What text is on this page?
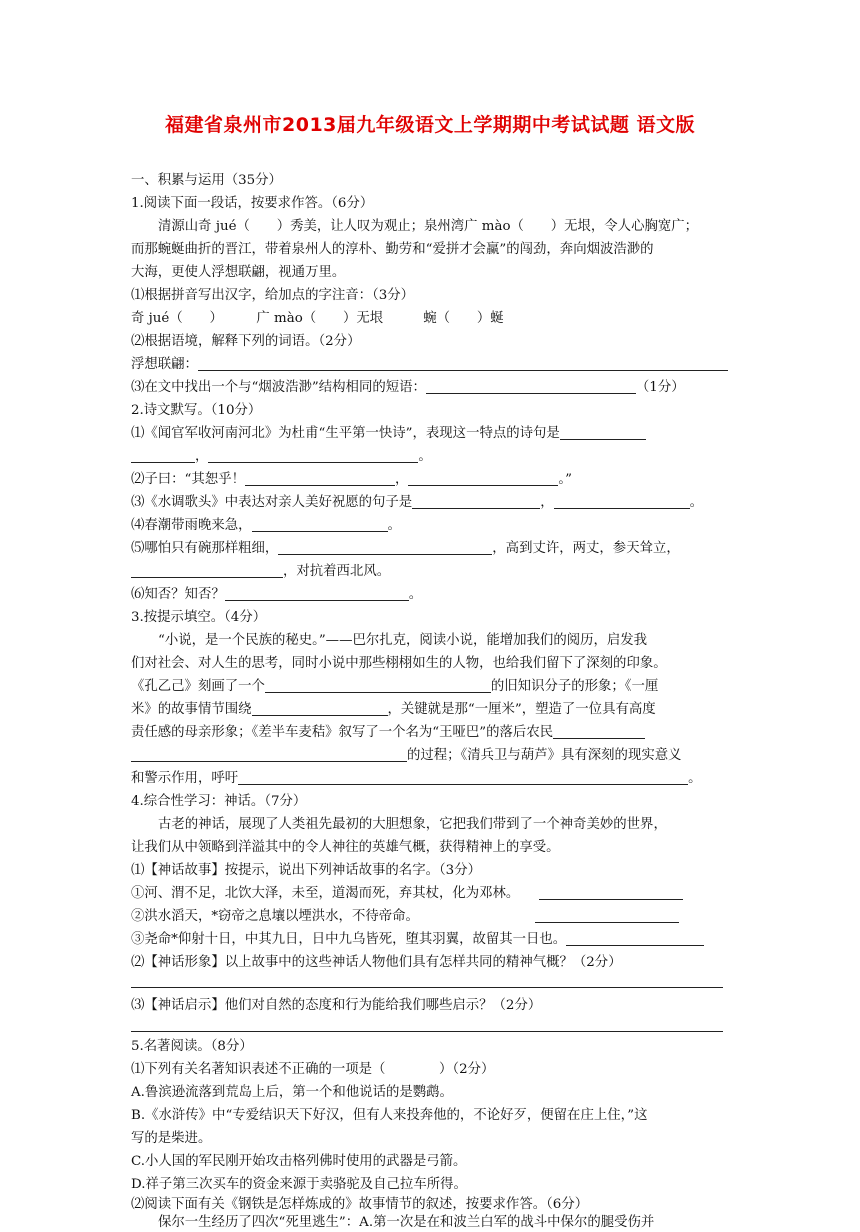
福建省泉州市2013届九年级语文上学期期中考试试题 语文版
一、积累与运用（35分）
1.阅读下面一段话，按要求作答。（6分）
清源山奇 jué（　　）秀美，让人叹为观止；泉州湾广 mào（　　）无垠，令人心胸宽广；
而那蜿蜒曲折的晋江，带着泉州人的淳朴、勤劳和“爱拼才会赢”的闯劲，奔向烟波浩渺的
大海，更使人浮想联翩，视通万里。
⑴根据拼音写出汉字，给加点的字注音：（3分）
奇 jué（　　）　　　广 mào（　　）无垠　　　蜿（　　）蜒
⑵根据语境，解释下列的词语。（2分）
浮想联翩：
⑶在文中找出一个与“烟波浩渺”结构相同的短语：	（1分）
2.诗文默写。（10分）
⑴《闻官军收河南河北》为杜甫“生平第一快诗”，表现这一特点的诗句是
，	。
⑵子曰：“其恕乎！	，	。”
⑶《水调歌头》中表达对亲人美好祝愿的句子是	，	。
⑷春潮带雨晚来急，	。
⑸哪怕只有碗那样粗细，	，高到丈许，两丈，参天耸立，
，对抗着西北风。
⑹知否？知否？	。
3.按提示填空。（4分）
“小说，是一个民族的秘史。”——巴尔扎克，阅读小说，能增加我们的阅历，启发我
们对社会、对人生的思考，同时小说中那些栩栩如生的人物，也给我们留下了深刻的印象。
《孔乙己》刻画了一个	的旧知识分子的形象；《一厘
米》的故事情节围绕	，关键就是那“一厘米”，塑造了一位具有高度
责任感的母亲形象；《差半车麦秸》叙写了一个名为“王哑巴”的落后农民
的过程；《清兵卫与葫芦》具有深刻的现实意义
和警示作用，呼吁	。
4.综合性学习：神话。（7分）
古老的神话，展现了人类祖先最初的大胆想象，它把我们带到了一个神奇美妙的世界，
让我们从中领略到洋溢其中的令人神往的英雄气概，获得精神上的享受。
⑴【神话故事】按提示，说出下列神话故事的名字。（3分）
①河、渭不足，北饮大泽，未至，道渴而死，弃其杖，化为邓林。
②洪水滔天，*窃帝之息壤以堙洪水，不待帝命。
③尧命*仰射十日，中其九日，日中九乌皆死，堕其羽翼，故留其一日也。
⑵【神话形象】以上故事中的这些神话人物他们具有怎样共同的精神气概？（2分）
⑶【神话启示】他们对自然的态度和行为能给我们哪些启示？（2分）
5.名著阅读。（8分）
⑴下列有关名著知识表述不正确的一项是（　　　　）（2分）
A.鲁滨逊流落到荒岛上后，第一个和他说话的是鹦鹉。
B.《水浒传》中“专爱结识天下好汉，但有人来投奔他的，不论好歹，便留在庄上住，”这
写的是柴进。
C.小人国的军民刚开始攻击格列佛时使用的武器是弓箭。
D.祥子第三次买车的资金来源于卖骆驼及自己拉车所得。
⑵阅读下面有关《钢铁是怎样炼成的》故事情节的叙述，按要求作答。（6分）
保尔一生经历了四次“死里逃生”：A.第一次是在和波兰白军的战斗中保尔的腿受伤并
